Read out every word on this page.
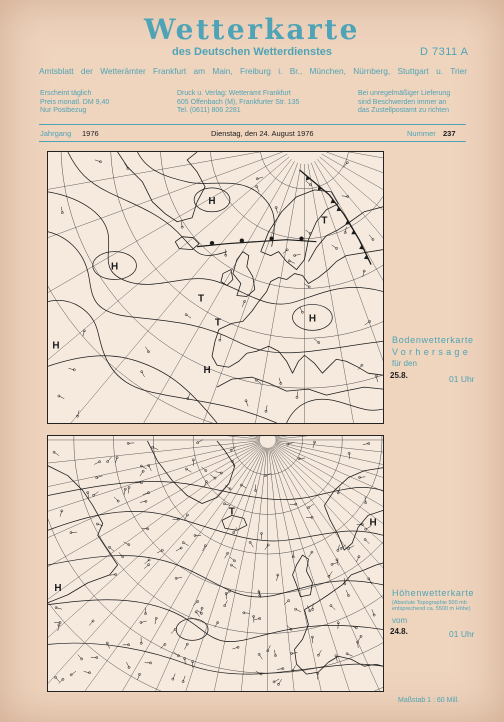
Wetterkarte
des Deutschen Wetterdienstes	D 7311 A
Amtsblatt der Wetterämter Frankfurt am Main, Freiburg i. Br., München, Nürnberg, Stuttgart u. Trier
Erscheint täglich
Preis monatl. DM 9,40
Nur Postbezug
Druck u. Verlag: Wetteramt Frankfurt
605 Offenbach (M), Frankfurter Str. 135
Tel. (0611) 806 2281
Bei unregelmäßiger Lieferung
sind Beschwerden immer an
das Zustellpostamt zu richten
Jahrgang 1976	Dienstag, den 24. August 1976	Nummer 237
H
H
T
T
H
H
T	H
Bodenwetterkarte
Vorhersage
für den
25.8.	01 Uhr
H
T
H
Höhenwetterkarte
(Absolute Topographie 500 mb
entsprechend ca. 5500 m Höhe)
vom
24.8.	01 Uhr
Maßstab 1 : 60 Mill.
